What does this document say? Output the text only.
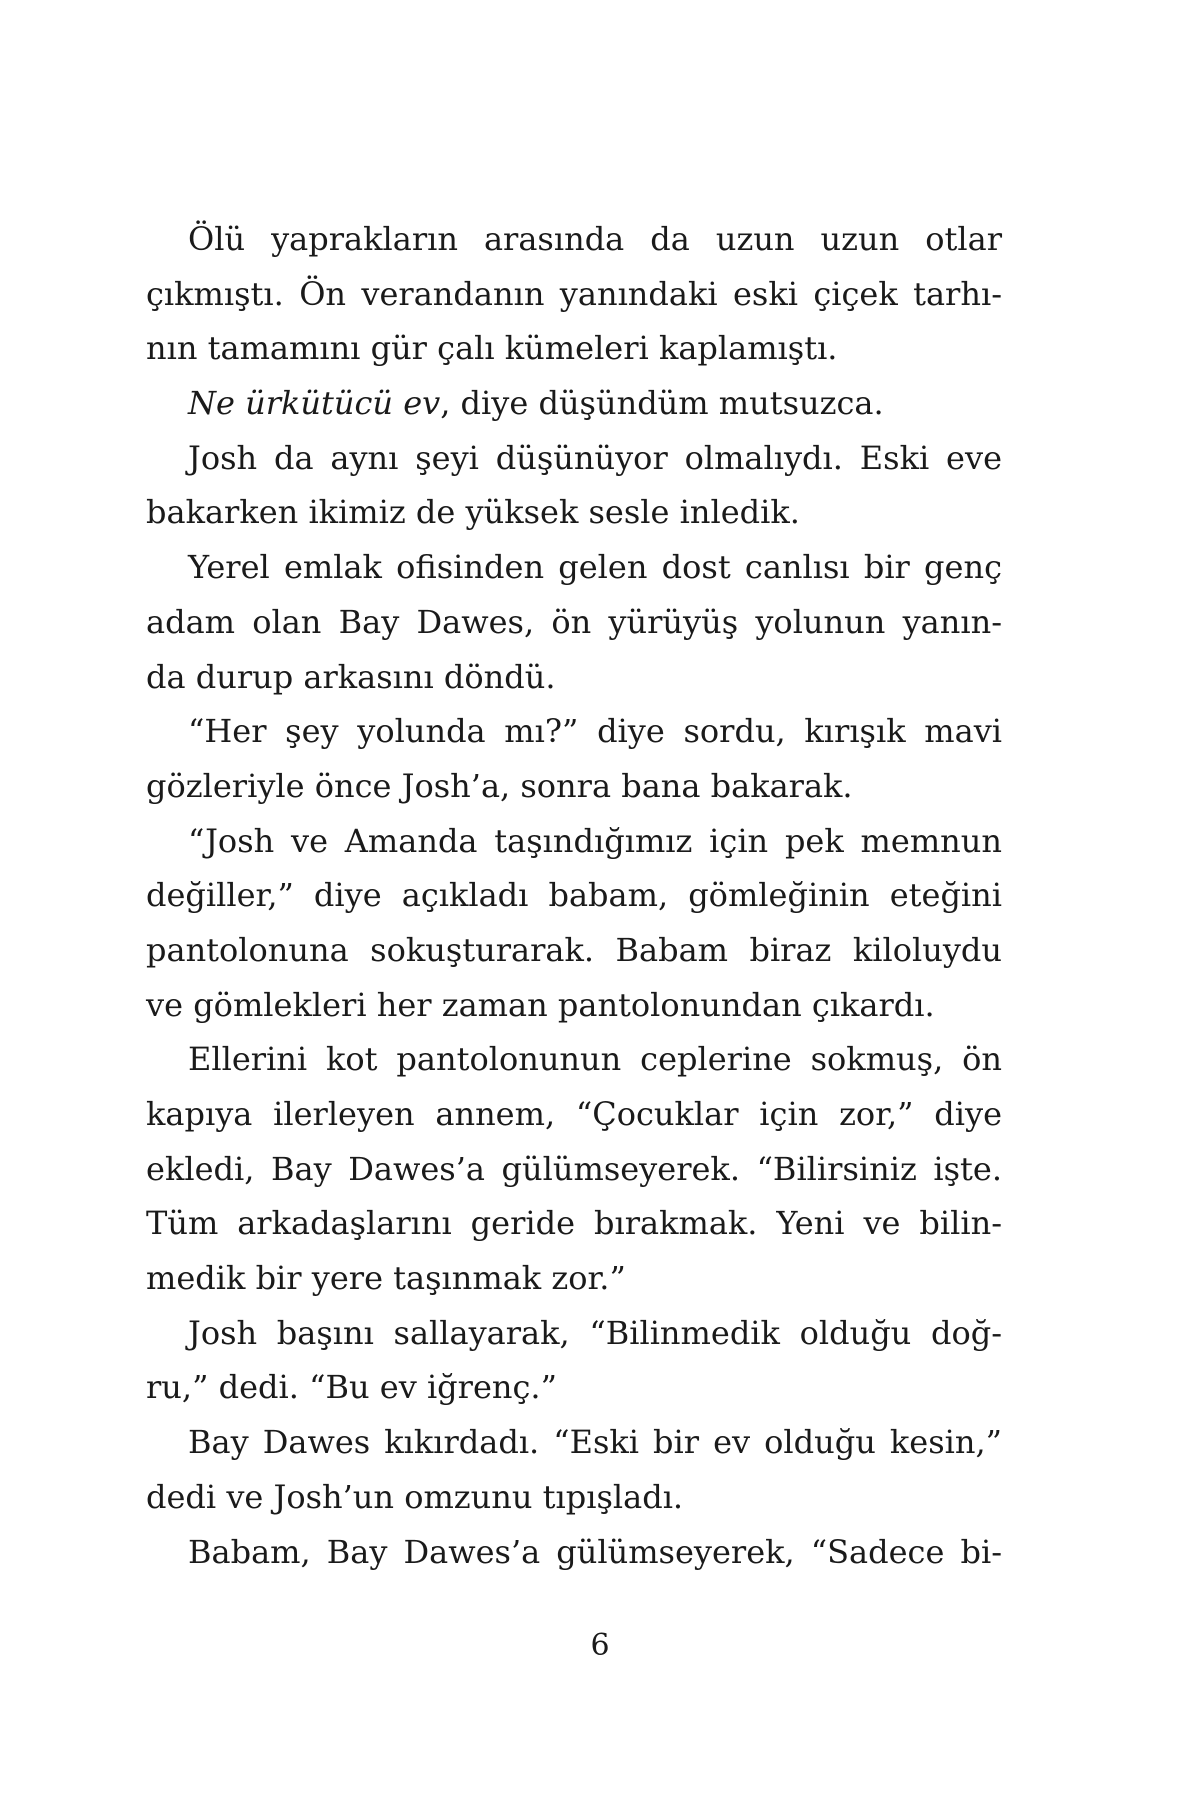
Ölü yaprakların arasında da uzun uzun otlar
çıkmıştı. Ön verandanın yanındaki eski çiçek tarhı-
nın tamamını gür çalı kümeleri kaplamıştı.
Ne ürkütücü ev, diye düşündüm mutsuzca.
Josh da aynı şeyi düşünüyor olmalıydı. Eski eve
bakarken ikimiz de yüksek sesle inledik.
Yerel emlak ofisinden gelen dost canlısı bir genç
adam olan Bay Dawes, ön yürüyüş yolunun yanın-
da durup arkasını döndü.
“Her şey yolunda mı?” diye sordu, kırışık mavi
gözleriyle önce Josh’a, sonra bana bakarak.
“Josh ve Amanda taşındığımız için pek memnun
değiller,” diye açıkladı babam, gömleğinin eteğini
pantolonuna sokuşturarak. Babam biraz kiloluydu
ve gömlekleri her zaman pantolonundan çıkardı.
Ellerini kot pantolonunun ceplerine sokmuş, ön
kapıya ilerleyen annem, “Çocuklar için zor,” diye
ekledi, Bay Dawes’a gülümseyerek. “Bilirsiniz işte.
Tüm arkadaşlarını geride bırakmak. Yeni ve bilin-
medik bir yere taşınmak zor.”
Josh başını sallayarak, “Bilinmedik olduğu doğ-
ru,” dedi. “Bu ev iğrenç.”
Bay Dawes kıkırdadı. “Eski bir ev olduğu kesin,”
dedi ve Josh’un omzunu tıpışladı.
Babam, Bay Dawes’a gülümseyerek, “Sadece bi-
6
